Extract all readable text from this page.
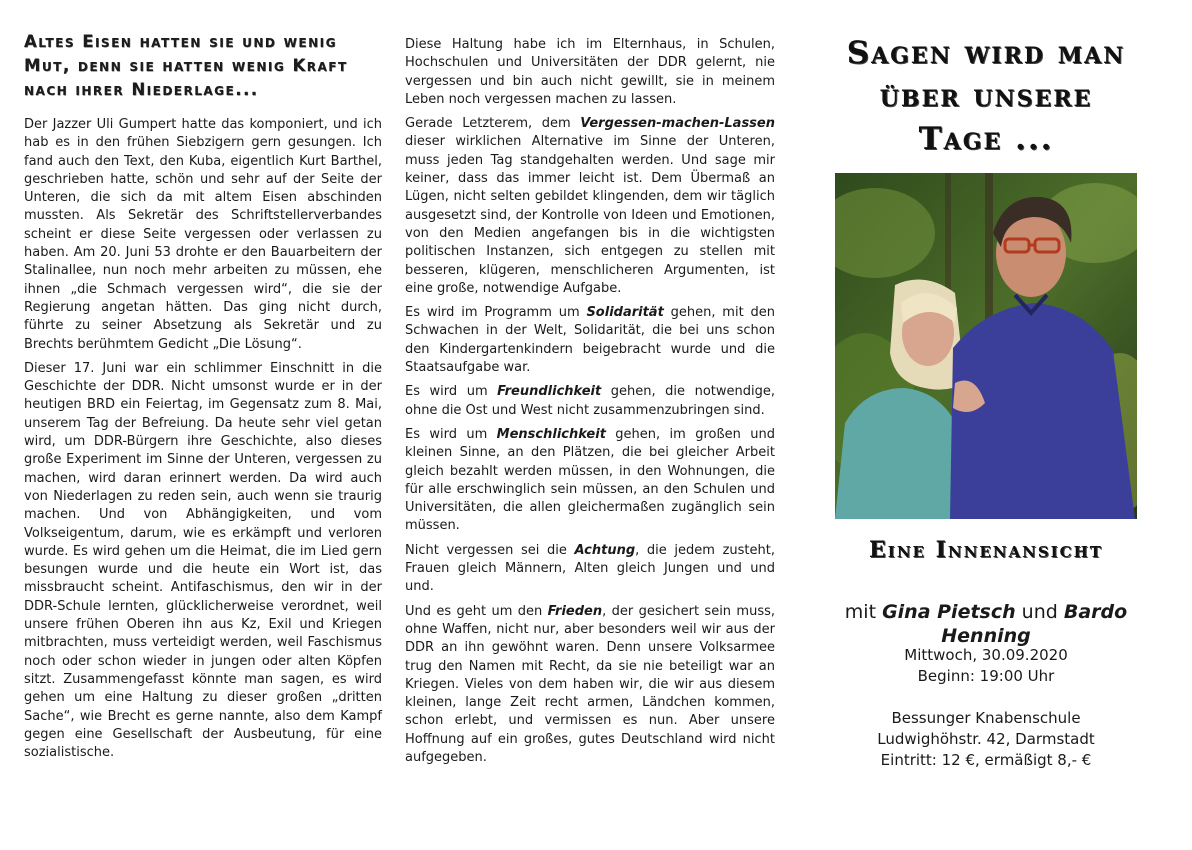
Altes Eisen hatten sie und wenig Mut, denn sie hatten wenig Kraft nach ihrer Niederlage...

Der Jazzer Uli Gumpert hatte das komponiert, und ich hab es in den frühen Siebzigern gern gesungen. Ich fand auch den Text, den Kuba, eigentlich Kurt Barthel, geschrieben hatte, schön und sehr auf der Seite der Unteren, die sich da mit altem Eisen abschinden mussten. Als Sekretär des Schriftstellerverbandes scheint er diese Seite vergessen oder verlassen zu haben. Am 20. Juni 53 drohte er den Bauarbeitern der Stalinallee, nun noch mehr arbeiten zu müssen, ehe ihnen „die Schmach vergessen wird“, die sie der Regierung angetan hätten. Das ging nicht durch, führte zu seiner Absetzung als Sekretär und zu Brechts berühmtem Gedicht „Die Lösung“.

Dieser 17. Juni war ein schlimmer Einschnitt in die Geschichte der DDR. Nicht umsonst wurde er in der heutigen BRD ein Feiertag, im Gegensatz zum 8. Mai, unserem Tag der Befreiung. Da heute sehr viel getan wird, um DDR-Bürgern ihre Geschichte, also dieses große Experiment im Sinne der Unteren, vergessen zu machen, wird daran erinnert werden. Da wird auch von Niederlagen zu reden sein, auch wenn sie traurig machen. Und von Abhängigkeiten, und vom Volkseigentum, darum, wie es erkämpft und verloren wurde. Es wird gehen um die Heimat, die im Lied gern besungen wurde und die heute ein Wort ist, das missbraucht scheint. Antifaschismus, den wir in der DDR-Schule lernten, glücklicherweise verordnet, weil unsere frühen Oberen ihn aus Kz, Exil und Kriegen mitbrachten, muss verteidigt werden, weil Faschismus noch oder schon wieder in jungen oder alten Köpfen sitzt. Zusammengefasst könnte man sagen, es wird gehen um eine Haltung zu dieser großen „dritten Sache“, wie Brecht es gerne nannte, also dem Kampf gegen eine Gesellschaft der Ausbeutung, für eine sozialistische.

Diese Haltung habe ich im Elternhaus, in Schulen, Hochschulen und Universitäten der DDR gelernt, nie vergessen und bin auch nicht gewillt, sie in meinem Leben noch vergessen machen zu lassen.

Gerade Letzterem, dem Vergessen-machen-Lassen dieser wirklichen Alternative im Sinne der Unteren, muss jeden Tag standgehalten werden. Und sage mir keiner, dass das immer leicht ist. Dem Übermaß an Lügen, nicht selten gebildet klingenden, dem wir täglich ausgesetzt sind, der Kontrolle von Ideen und Emotionen, von den Medien angefangen bis in die wichtigsten politischen Instanzen, sich entgegen zu stellen mit besseren, klügeren, menschlicheren Argumenten, ist eine große, notwendige Aufgabe.

Es wird im Programm um Solidarität gehen, mit den Schwachen in der Welt, Solidarität, die bei uns schon den Kindergartenkindern beigebracht wurde und die Staatsaufgabe war.

Es wird um Freundlichkeit gehen, die notwendige, ohne die Ost und West nicht zusammenzubringen sind.

Es wird um Menschlichkeit gehen, im großen und kleinen Sinne, an den Plätzen, die bei gleicher Arbeit gleich bezahlt werden müssen, in den Wohnungen, die für alle erschwinglich sein müssen, an den Schulen und Universitäten, die allen gleichermaßen zugänglich sein müssen.

Nicht vergessen sei die Achtung, die jedem zusteht, Frauen gleich Männern, Alten gleich Jungen und und und.

Und es geht um den Frieden, der gesichert sein muss, ohne Waffen, nicht nur, aber besonders weil wir aus der DDR an ihn gewöhnt waren. Denn unsere Volksarmee trug den Namen mit Recht, da sie nie beteiligt war an Kriegen. Vieles von dem haben wir, die wir aus diesem kleinen, lange Zeit recht armen, Ländchen kommen, schon erlebt, und vermissen es nun. Aber unsere Hoffnung auf ein großes, gutes Deutschland wird nicht aufgegeben.

Sagen wird man
über unsere
Tage ...
Eine Innenansicht
mit Gina Pietsch und Bardo Henning
Mittwoch, 30.09.2020
Beginn: 19:00 Uhr
Bessunger Knabenschule
Ludwighöhstr. 42, Darmstadt
Eintritt: 12 €, ermäßigt 8,- €
